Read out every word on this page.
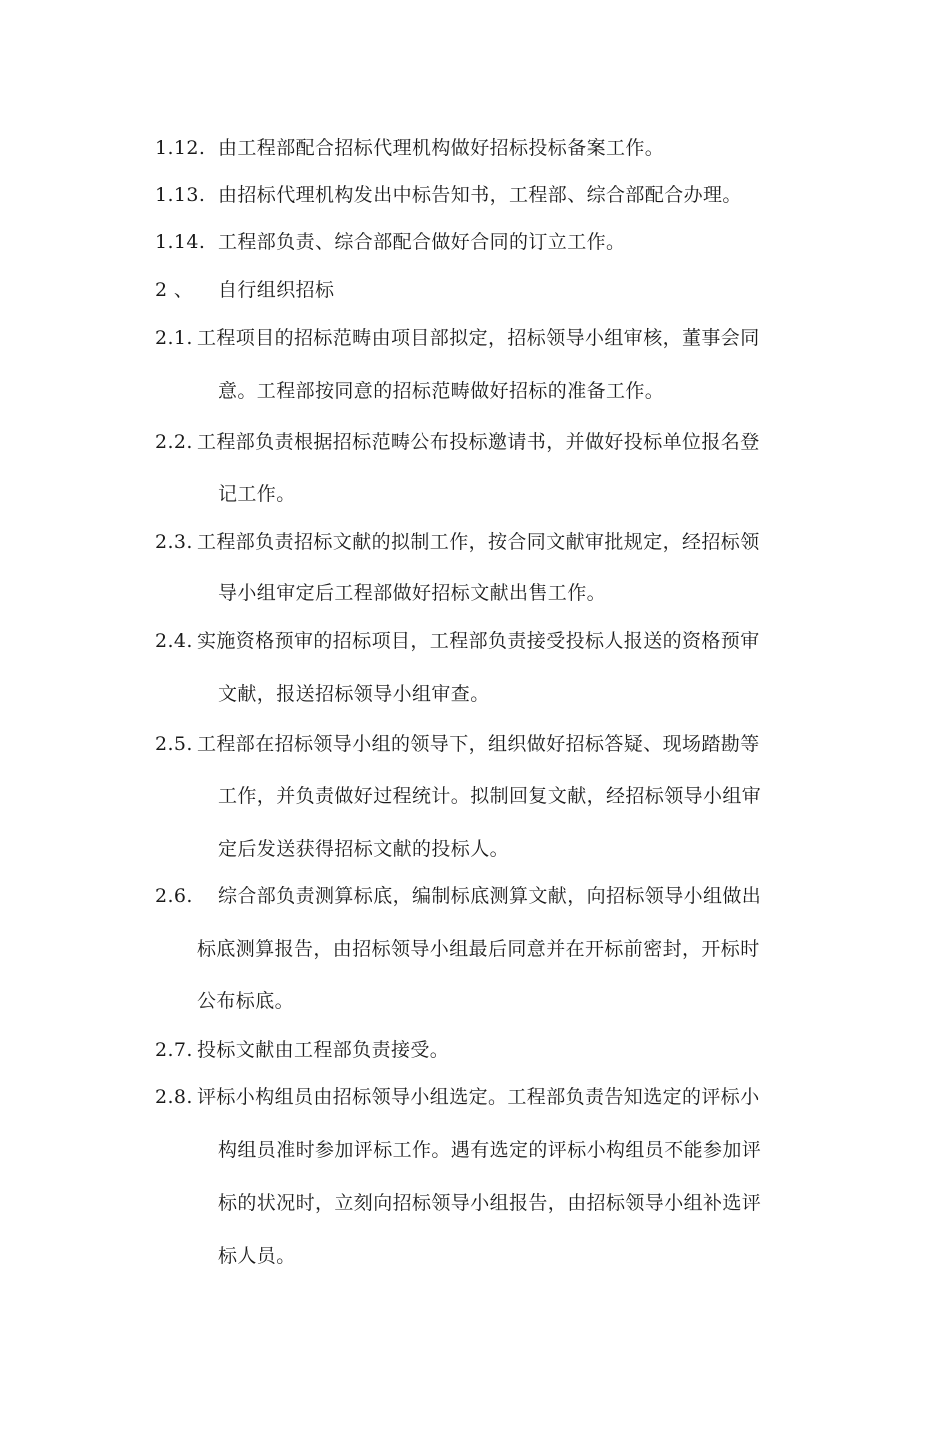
1.12. 由工程部配合招标代理机构做好招标投标备案工作。
1.13. 由招标代理机构发出中标告知书，工程部、综合部配合办理。
1.14. 工程部负责、综合部配合做好合同的订立工作。
2 、 自行组织招标
2.1. 工程项目的招标范畴由项目部拟定，招标领导小组审核，董事会同
意。工程部按同意的招标范畴做好招标的准备工作。
2.2. 工程部负责根据招标范畴公布投标邀请书，并做好投标单位报名登
记工作。
2.3. 工程部负责招标文献的拟制工作，按合同文献审批规定，经招标领
导小组审定后工程部做好招标文献出售工作。
2.4. 实施资格预审的招标项目，工程部负责接受投标人报送的资格预审
文献，报送招标领导小组审查。
2.5. 工程部在招标领导小组的领导下，组织做好招标答疑、现场踏勘等
工作，并负责做好过程统计。拟制回复文献，经招标领导小组审
定后发送获得招标文献的投标人。
2.6. 综合部负责测算标底，编制标底测算文献，向招标领导小组做出
标底测算报告，由招标领导小组最后同意并在开标前密封，开标时
公布标底。
2.7. 投标文献由工程部负责接受。
2.8. 评标小构组员由招标领导小组选定。工程部负责告知选定的评标小
构组员准时参加评标工作。遇有选定的评标小构组员不能参加评
标的状况时，立刻向招标领导小组报告，由招标领导小组补选评
标人员。
